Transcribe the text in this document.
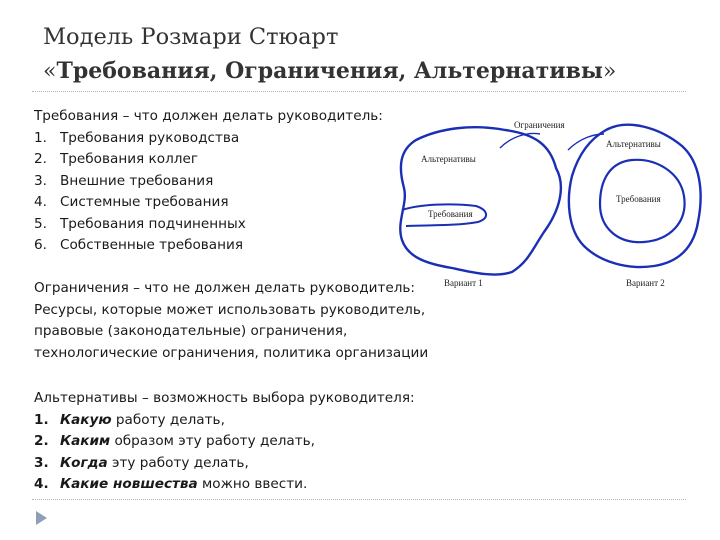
Модель Розмари Стюарт
«Требования, Ограничения, Альтернативы»

Требования – что должен делать руководитель:

1. Требования руководства

2. Требования коллег

3. Внешние требования

4. Системные требования

5. Требования подчиненных

6. Собственные требования

Ограничения – что не должен делать руководитель:

Ресурсы, которые может использовать руководитель,

правовые (законодательные) ограничения,

технологические ограничения, политика организации

Альтернативы – возможность выбора руководителя:

1. Какую работу делать,

2. Каким образом эту работу делать,

3. Когда эту работу делать,

4. Какие новшества можно ввести.

Ограничения
Альтернативы
Требования
Альтернативы
Требования
Вариант 1	Вариант 2
